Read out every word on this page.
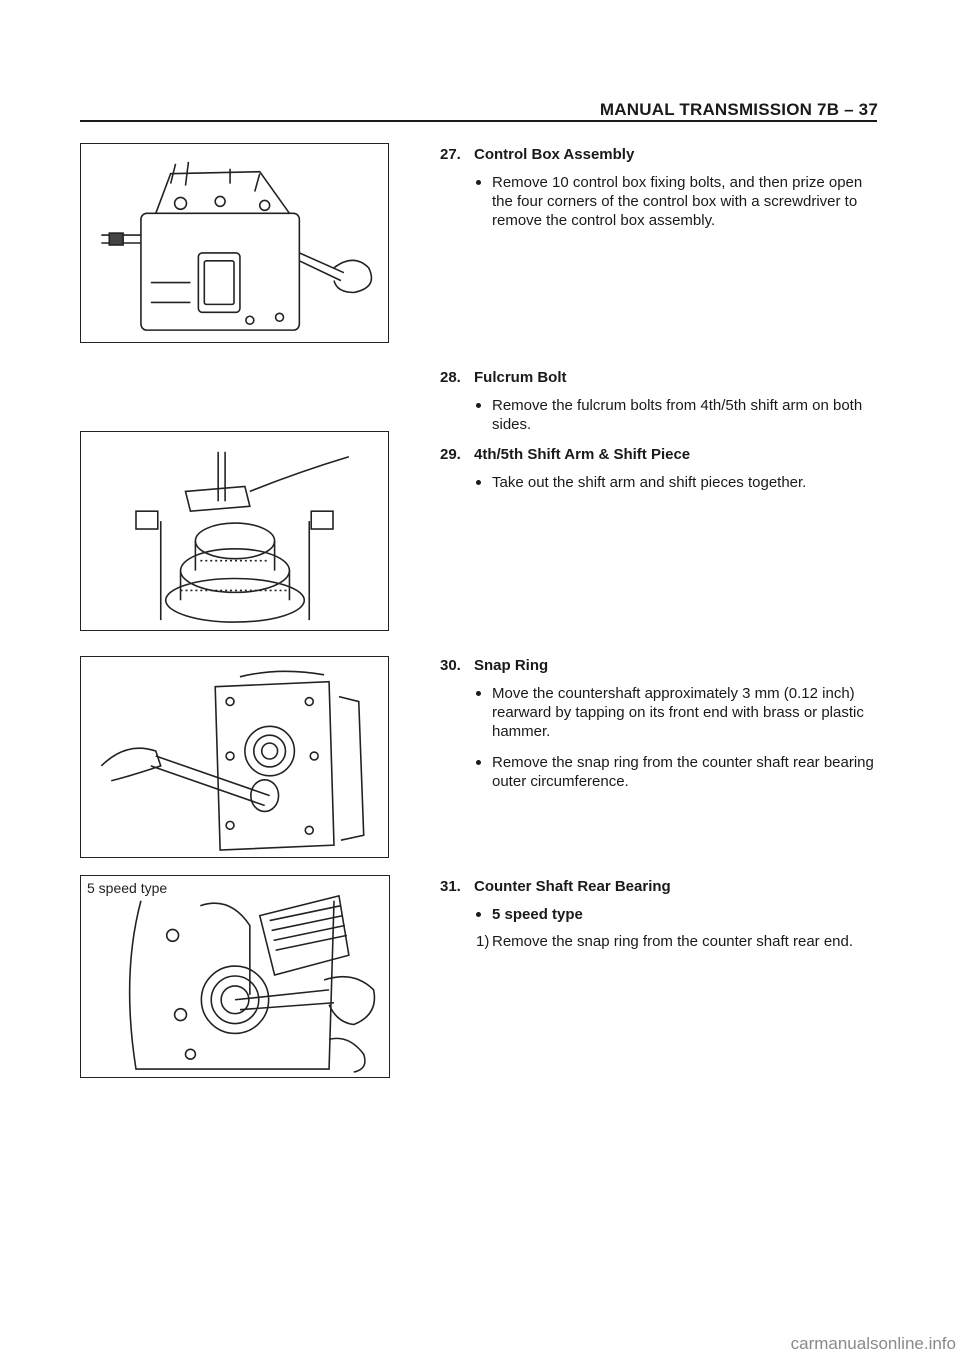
MANUAL TRANSMISSION 7B – 37
5 speed type
27. Control Box Assembly
Remove 10 control box fixing bolts, and then prize open the four corners of the control box with a screwdriver to remove the control box assembly.
28. Fulcrum Bolt
Remove the fulcrum bolts from 4th/5th shift arm on both sides.
29. 4th/5th Shift Arm & Shift Piece
Take out the shift arm and shift pieces together.
30. Snap Ring
Move the countershaft approximately 3 mm (0.12 inch) rearward by tapping on its front end with brass or plastic hammer.
Remove the snap ring from the counter shaft rear bearing outer circumference.
31. Counter Shaft Rear Bearing
5 speed type
1) Remove the snap ring from the counter shaft rear end.
carmanualsonline.info
